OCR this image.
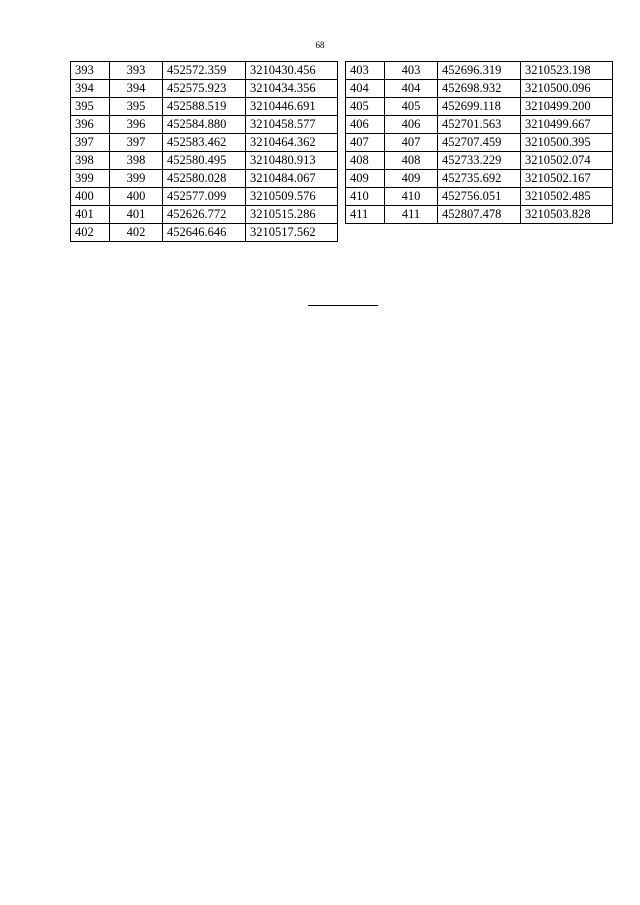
68
393	393	452572.359	3210430.456
394	394	452575.923	3210434.356
395	395	452588.519	3210446.691
396	396	452584.880	3210458.577
397	397	452583.462	3210464.362
398	398	452580.495	3210480.913
399	399	452580.028	3210484.067
400	400	452577.099	3210509.576
401	401	452626.772	3210515.286
402	402	452646.646	3210517.562
403	403	452696.319	3210523.198
404	404	452698.932	3210500.096
405	405	452699.118	3210499.200
406	406	452701.563	3210499.667
407	407	452707.459	3210500.395
408	408	452733.229	3210502.074
409	409	452735.692	3210502.167
410	410	452756.051	3210502.485
411	411	452807.478	3210503.828
